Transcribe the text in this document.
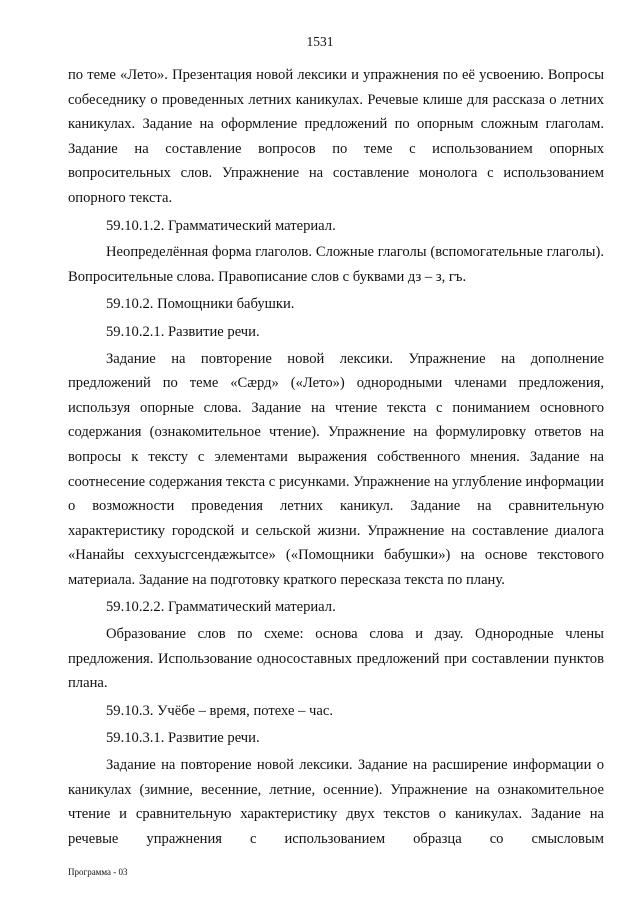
1531

по теме «Лето». Презентация новой лексики и упражнения по её усвоению. Вопросы собеседнику о проведенных летних каникулах. Речевые клише для рассказа о летних каникулах. Задание на оформление предложений по опорным сложным глаголам. Задание на составление вопросов по теме с использованием опорных вопросительных слов. Упражнение на составление монолога с использованием опорного текста.

59.10.1.2. Грамматический материал.

Неопределённая форма глаголов. Сложные глаголы (вспомогательные глаголы). Вопросительные слова. Правописание слов с буквами дз – з, гъ.

59.10.2. Помощники бабушки.

59.10.2.1. Развитие речи.

Задание на повторение новой лексики. Упражнение на дополнение предложений по теме «Сæрд» («Лето») однородными членами предложения, используя опорные слова. Задание на чтение текста с пониманием основного содержания (ознакомительное чтение). Упражнение на формулировку ответов на вопросы к тексту с элементами выражения собственного мнения. Задание на соотнесение содержания текста с рисунками. Упражнение на углубление информации о возможности проведения летних каникул. Задание на сравнительную характеристику городской и сельской жизни. Упражнение на составление диалога «Нанайы сеххуысгсендæжытсе» («Помощники бабушки») на основе текстового материала. Задание на подготовку краткого пересказа текста по плану.

59.10.2.2. Грамматический материал.

Образование слов по схеме: основа слова и дзау. Однородные члены предложения. Использование односоставных предложений при составлении пунктов плана.

59.10.3. Учёбе – время, потехе – час.

59.10.3.1. Развитие речи.

Задание на повторение новой лексики. Задание на расширение информации о каникулах (зимние, весенние, летние, осенние). Упражнение на ознакомительное чтение и сравнительную характеристику двух текстов о каникулах. Задание на речевые упражнения с использованием образца со смысловым

Программа - 03
